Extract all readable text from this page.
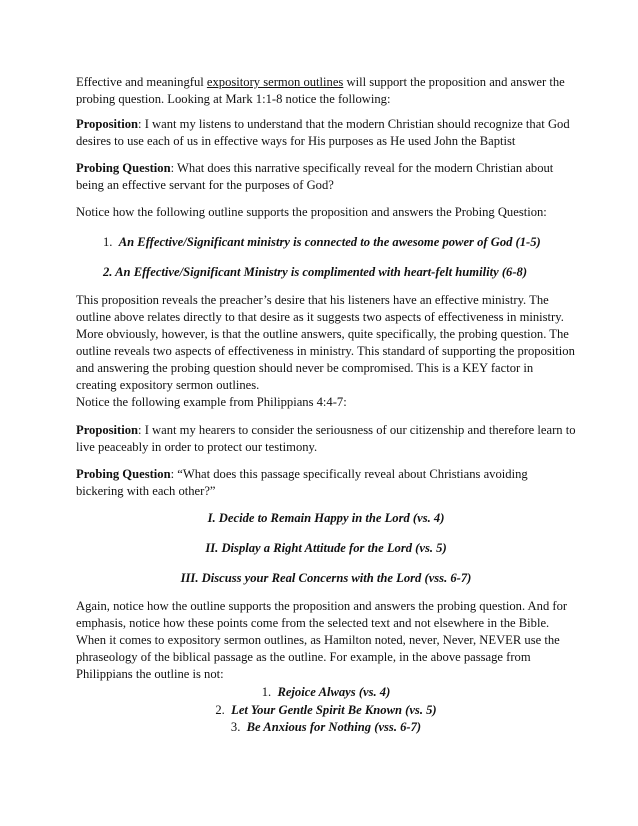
Effective and meaningful expository sermon outlines will support the proposition and answer the probing question. Looking at Mark 1:1-8 notice the following:

Proposition: I want my listens to understand that the modern Christian should recognize that God desires to use each of us in effective ways for His purposes as He used John the Baptist

Probing Question: What does this narrative specifically reveal for the modern Christian about being an effective servant for the purposes of God?

Notice how the following outline supports the proposition and answers the Probing Question:

1. An Effective/Significant ministry is connected to the awesome power of God (1-5)

2. An Effective/Significant Ministry is complimented with heart-felt humility (6-8)

This proposition reveals the preacher’s desire that his listeners have an effective ministry. The outline above relates directly to that desire as it suggests two aspects of effectiveness in ministry. More obviously, however, is that the outline answers, quite specifically, the probing question. The outline reveals two aspects of effectiveness in ministry. This standard of supporting the proposition and answering the probing question should never be compromised. This is a KEY factor in creating expository sermon outlines.

Notice the following example from Philippians 4:4-7:

Proposition: I want my hearers to consider the seriousness of our citizenship and therefore learn to live peaceably in order to protect our testimony.

Probing Question: “What does this passage specifically reveal about Christians avoiding bickering with each other?”

I. Decide to Remain Happy in the Lord (vs. 4)

II. Display a Right Attitude for the Lord (vs. 5)

III. Discuss your Real Concerns with the Lord (vss. 6-7)

Again, notice how the outline supports the proposition and answers the probing question. And for emphasis, notice how these points come from the selected text and not elsewhere in the Bible. When it comes to expository sermon outlines, as Hamilton noted, never, Never, NEVER use the phraseology of the biblical passage as the outline. For example, in the above passage from Philippians the outline is not:

1. Rejoice Always (vs. 4)

2. Let Your Gentle Spirit Be Known (vs. 5)

3. Be Anxious for Nothing (vss. 6-7)
